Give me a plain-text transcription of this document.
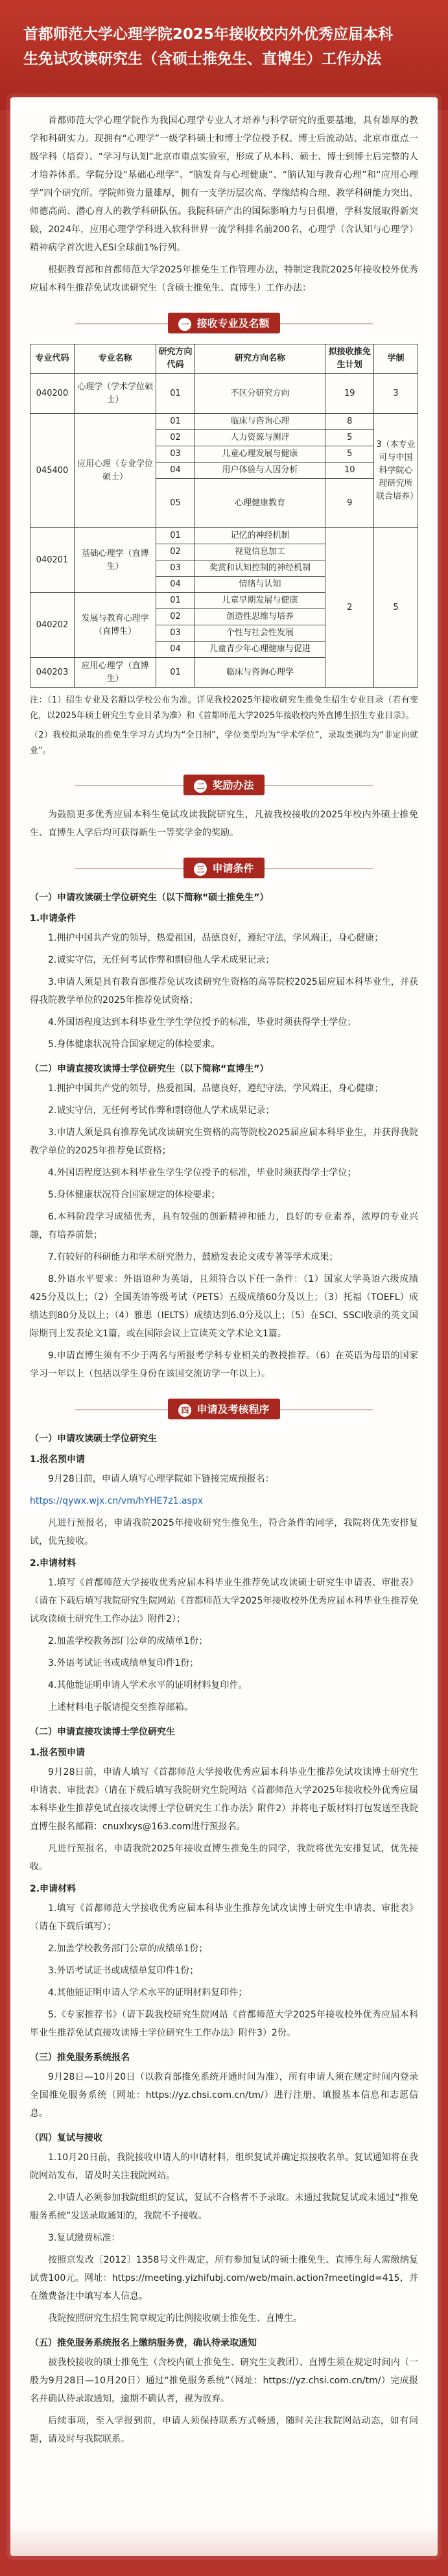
首都师范大学心理学院2025年接收校内外优秀应届本科
生免试攻读研究生（含硕士推免生、直博生）工作办法

首都师范大学心理学院作为我国心理学专业人才培养与科学研究的重要基地，具有雄厚的教学和科研实力。现拥有“心理学”一级学科硕士和博士学位授予权、博士后流动站、北京市重点一级学科（培育）、“学习与认知”北京市重点实验室，形成了从本科、硕士、博士到博士后完整的人才培养体系。学院分设“基础心理学”、“脑发育与心理健康”、“脑认知与教育心理”和“应用心理学”四个研究所。学院师资力量雄厚，拥有一支学历层次高、学缘结构合理、教学科研能力突出、师德高尚、潜心育人的教学科研队伍。我院科研产出的国际影响力与日俱增，学科发展取得新突破，2024年，应用心理学学科进入软科世界一流学科排名前200名，心理学（含认知与心理学）精神病学首次进入ESI全球前1%行列。

根据教育部和首都师范大学2025年推免生工作管理办法，特制定我院2025年接收校外优秀应届本科生推荐免试攻读研究生（含硕士推免生、直博生）工作办法：

一 接收专业及名额
专业代码	专业名称	研究方向代码	研究方向名称	拟接收推免生计划	学制
040200	心理学（学术学位硕士）	01	不区分研究方向	19	3
045400	应用心理（专业学位硕士）	01	临床与咨询心理	8	3（本专业可与中国科学院心理研究所联合培养）
		02	人力资源与测评	5	
		03	儿童心理发展与健康	5	
		04	用户体验与人因分析	10	
		05	心理健康教育	9	
040201	基础心理学（直博生）	01	记忆的神经机制	2	5
		02	视觉信息加工		
		03	奖赏和认知控制的神经机制		
		04	情绪与认知		
040202	发展与教育心理学（直博生）	01	儿童早期发展与健康		
		02	创造性思维与培养		
		03	个性与社会性发展		
		04	儿童青少年心理健康与促进		
040203	应用心理学（直博生）	01	临床与咨询心理学		

注：（1）招生专业及名额以学校公布为准。详见我校2025年接收研究生推免生招生专业目录（若有变化，以2025年硕士研究生专业目录为准）和《首都师范大学2025年接收校内外直博生招生专业目录》。

（2）我校拟录取的推免生学习方式均为“全日制”，学位类型均为“学术学位”，录取类别均为“非定向就业”。

二 奖励办法

为鼓励更多优秀应届本科生免试攻读我院研究生，凡被我校接收的2025年校内外硕士推免生、直博生入学后均可获得新生一等奖学金的奖励。

三 申请条件
（一）申请攻读硕士学位研究生（以下简称“硕士推免生”）
1.申请条件

1.拥护中国共产党的领导，热爱祖国，品德良好，遵纪守法，学风端正，身心健康；

2.诚实守信，无任何考试作弊和剽窃他人学术成果记录；

3.申请人须是具有教育部推荐免试攻读研究生资格的高等院校2025届应届本科毕业生，并获得我院教学单位的2025年推荐免试资格；

4.外国语程度达到本科毕业生学生学位授予的标准，毕业时须获得学士学位；

5.身体健康状况符合国家规定的体检要求。

（二）申请直接攻读博士学位研究生（以下简称“直博生”）

1.拥护中国共产党的领导，热爱祖国，品德良好，遵纪守法，学风端正，身心健康；

2.诚实守信，无任何考试作弊和剽窃他人学术成果记录；

3.申请人须是具有推荐免试攻读研究生资格的高等院校2025届应届本科毕业生，并获得我院教学单位的2025年推荐免试资格；

4.外国语程度达到本科毕业生学生学位授予的标准，毕业时须获得学士学位；

5.身体健康状况符合国家规定的体检要求；

6.本科阶段学习成绩优秀，具有较强的创新精神和能力，良好的专业素养，浓厚的专业兴趣，有培养前景；

7.有较好的科研能力和学术研究潜力，鼓励发表论文或专著等学术成果；

8.外语水平要求：外语语种为英语，且须符合以下任一条件：（1）国家大学英语六级成绩425分及以上；（2）全国英语等级考试（PETS）五级成绩60分及以上；（3）托福（TOEFL）成绩达到80分及以上；（4）雅思（IELTS）成绩达到6.0分及以上；（5）在SCI、SSCI收录的英文国际期刊上发表论文1篇，或在国际会议上宣读英文学术论文1篇。

9.申请直博生须有不少于两名与所报考学科专业相关的教授推荐。（6）在英语为母语的国家学习一年以上（包括以学生身份在该国交流访学一年以上）。

四 申请及考核程序
（一）申请攻读硕士学位研究生
1.报名预申请

9月28日前，申请人填写心理学院如下链接完成预报名：

https://qywx.wjx.cn/vm/hYHE7z1.aspx

凡进行预报名，申请我院2025年接收研究生推免生，符合条件的同学，我院将优先安排复试，优先接收。

2.申请材料

1.填写《首都师范大学接收优秀应届本科毕业生推荐免试攻读硕士研究生申请表、审批表》（请在下载后填写我院研究生院网站《首都师范大学2025年接收校外优秀应届本科毕业生推荐免试攻读硕士研究生工作办法》附件2）；

2.加盖学校教务部门公章的成绩单1份；

3.外语考试证书或成绩单复印件1份；

4.其他能证明申请人学术水平的证明材料复印件。

上述材料电子版请提交至推荐邮箱。

（二）申请直接攻读博士学位研究生
1.报名预申请

9月28日前，申请人填写《首都师范大学接收优秀应届本科毕业生推荐免试攻读博士研究生申请表、审批表》（请在下载后填写我院研究生院网站《首都师范大学2025年接收校外优秀应届本科毕业生推荐免试直接攻读博士学位研究生工作办法》附件2）并将电子版材料打包发送至我院直博生报名邮箱：cnuxlxys@163.com进行预报名。

凡进行预报名，申请我院2025年接收直博生推免生的同学，我院将优先安排复试，优先接收。

2.申请材料

1.填写《首都师范大学接收优秀应届本科毕业生推荐免试攻读博士研究生申请表、审批表》（请在下载后填写）；

2.加盖学校教务部门公章的成绩单1份；

3.外语考试证书或成绩单复印件1份；

4.其他能证明申请人学术水平的证明材料复印件；

5.《专家推荐书》（请下载我校研究生院网站《首都师范大学2025年接收校外优秀应届本科毕业生推荐免试直接攻读博士学位研究生工作办法》附件3）2份。

（三）推免服务系统报名

9月28日—10月20日（以教育部推免系统开通时间为准），所有申请人须在规定时间内登录全国推免服务系统（网址：https://yz.chsi.com.cn/tm/）进行注册、填报基本信息和志愿信息。

（四）复试与接收

1.10月20日前，我院接收申请人的申请材料，组织复试并确定拟接收名单。复试通知将在我院网站发布，请及时关注我院网站。

2.申请人必须参加我院组织的复试，复试不合格者不予录取。未通过我院复试或未通过“推免服务系统”发送录取通知的，我院不予接收。

3.复试缴费标准：

按照京发改〔2012〕1358号文件规定，所有参加复试的硕士推免生、直博生每人需缴纳复试费100元。网址：https://meeting.yizhifubj.com/web/main.action?meetingId=415，并在缴费备注中填写本人信息。

我院按照研究生招生简章规定的比例接收硕士推免生、直博生。

（五）推免服务系统报名上缴纳服务费，确认待录取通知

被我校接收的硕士推免生（含校内硕士推免生、研究生支教团）、直博生须在规定时间内（一般为9月28日—10月20日）通过“推免服务系统”（网址：https://yz.chsi.com.cn/tm/）完成报名并确认待录取通知，逾期不确认者，视为放弃。

后续事项，至入学报到前，申请人须保持联系方式畅通，随时关注我院网站动态，如有问题，请及时与我院联系。
